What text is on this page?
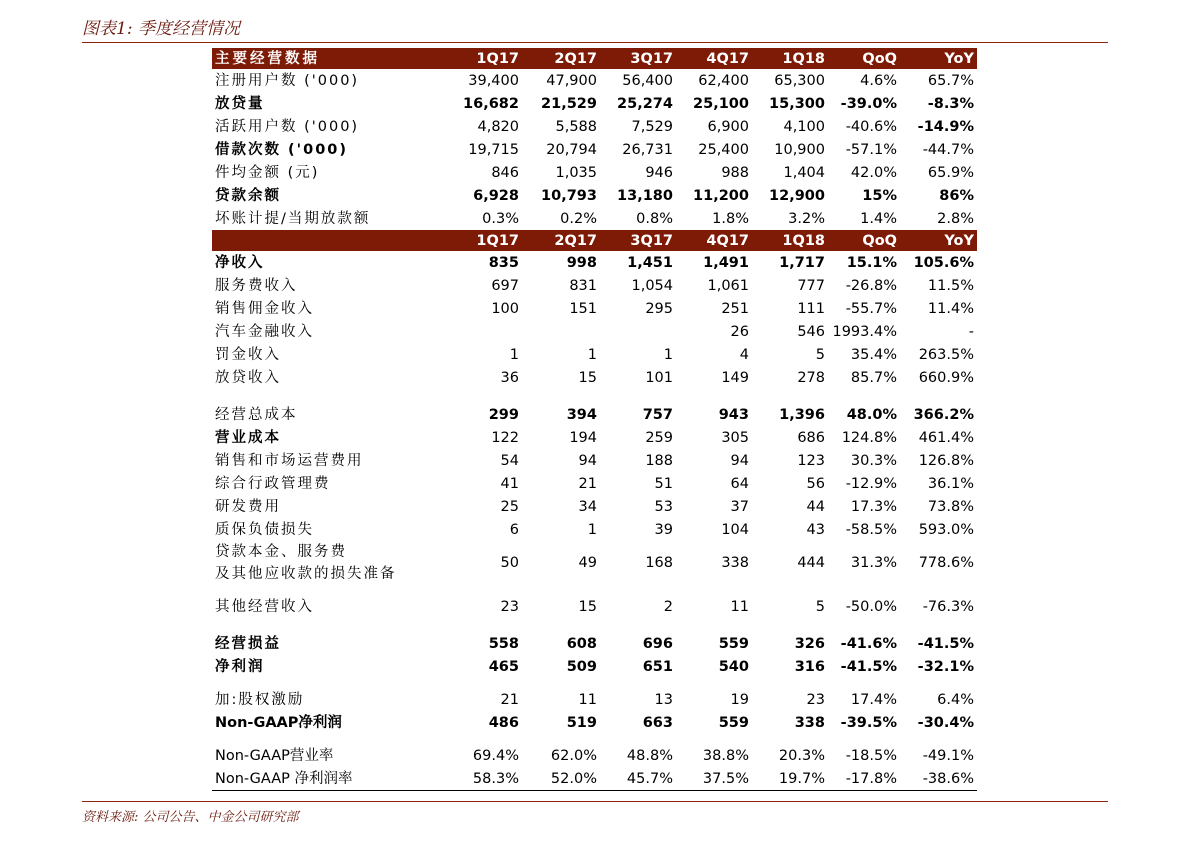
图表1: 季度经营情况
主要经营数据	1Q17	2Q17	3Q17	4Q17	1Q18	QoQ	YoY
注册用户数 ('000)	39,400	47,900	56,400	62,400	65,300	4.6%	65.7%
放贷量	16,682	21,529	25,274	25,100	15,300	-39.0%	-8.3%
活跃用户数 ('000)	4,820	5,588	7,529	6,900	4,100	-40.6%	-14.9%
借款次数 ('000)	19,715	20,794	26,731	25,400	10,900	-57.1%	-44.7%
件均金额 (元)	846	1,035	946	988	1,404	42.0%	65.9%
贷款余额	6,928	10,793	13,180	11,200	12,900	15%	86%
坏账计提/当期放款额	0.3%	0.2%	0.8%	1.8%	3.2%	1.4%	2.8%
	1Q17	2Q17	3Q17	4Q17	1Q18	QoQ	YoY
净收入	835	998	1,451	1,491	1,717	15.1%	105.6%
服务费收入	697	831	1,054	1,061	777	-26.8%	11.5%
销售佣金收入	100	151	295	251	111	-55.7%	11.4%
汽车金融收入				26	546	1993.4%	-
罚金收入	1	1	1	4	5	35.4%	263.5%
放贷收入	36	15	101	149	278	85.7%	660.9%

经营总成本	299	394	757	943	1,396	48.0%	366.2%
营业成本	122	194	259	305	686	124.8%	461.4%
销售和市场运营费用	54	94	188	94	123	30.3%	126.8%
综合行政管理费	41	21	51	64	56	-12.9%	36.1%
研发费用	25	34	53	37	44	17.3%	73.8%
质保负债损失	6	1	39	104	43	-58.5%	593.0%

贷款本金、服务费
及其他应收款的损失准备	50	49	168	338	444	31.3%	778.6%

其他经营收入	23	15	2	11	5	-50.0%	-76.3%

经营损益	558	608	696	559	326	-41.6%	-41.5%
净利润	465	509	651	540	316	-41.5%	-32.1%

加:股权激励	21	11	13	19	23	17.4%	6.4%
Non-GAAP净利润	486	519	663	559	338	-39.5%	-30.4%

Non-GAAP营业率	69.4%	62.0%	48.8%	38.8%	20.3%	-18.5%	-49.1%
Non-GAAP 净利润率	58.3%	52.0%	45.7%	37.5%	19.7%	-17.8%	-38.6%
资料来源: 公司公告、中金公司研究部
